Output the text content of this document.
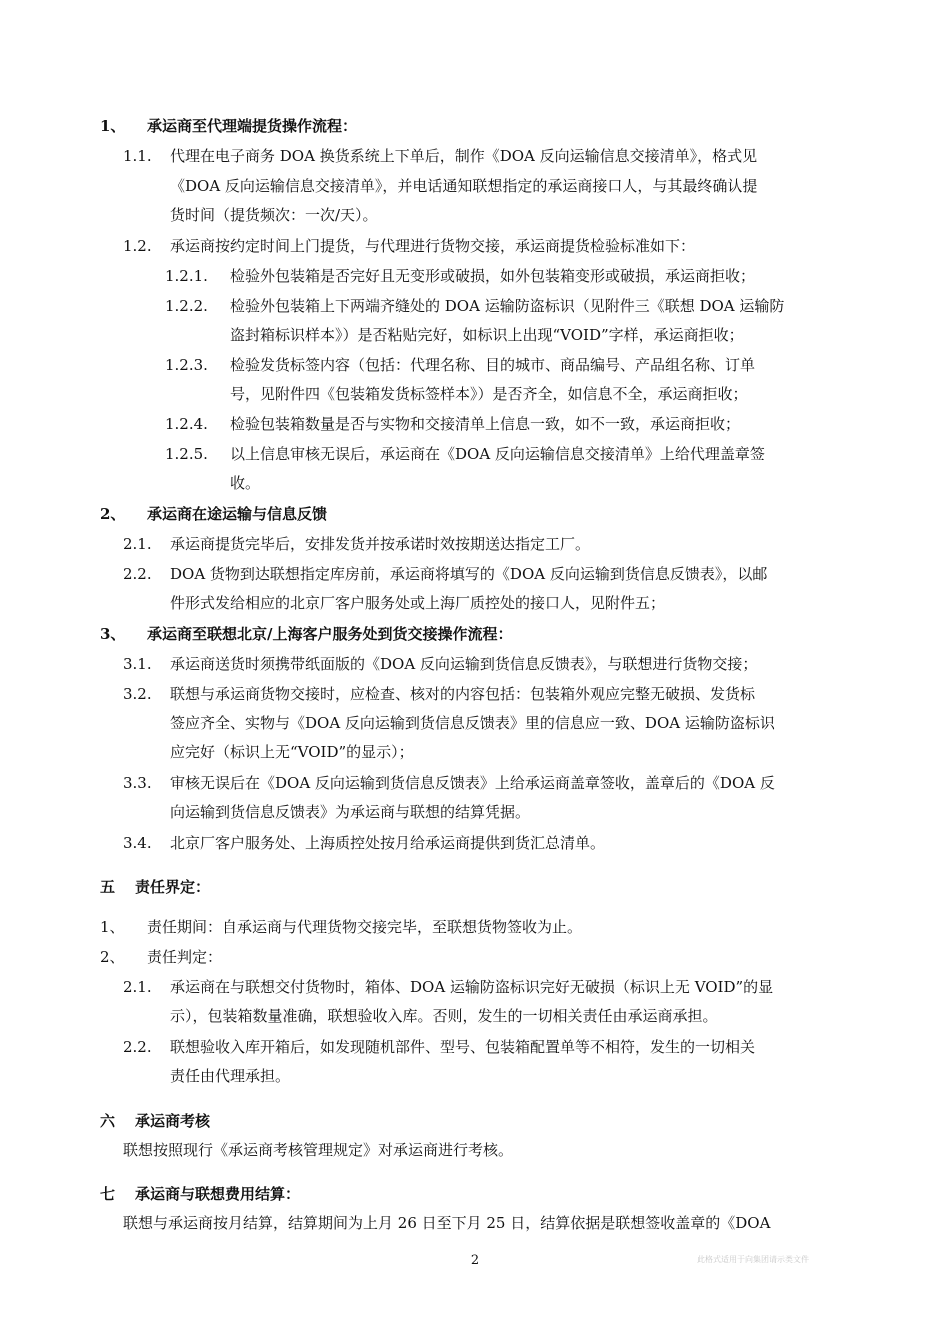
1、 承运商至代理端提货操作流程：
1.1. 代理在电子商务 DOA 换货系统上下单后，制作《DOA 反向运输信息交接清单》，格式见
《DOA 反向运输信息交接清单》，并电话通知联想指定的承运商接口人，与其最终确认提
货时间（提货频次：一次/天）。
1.2. 承运商按约定时间上门提货，与代理进行货物交接，承运商提货检验标准如下：
1.2.1. 检验外包装箱是否完好且无变形或破损，如外包装箱变形或破损，承运商拒收；
1.2.2. 检验外包装箱上下两端齐缝处的 DOA 运输防盗标识（见附件三《联想 DOA 运输防
盗封箱标识样本》）是否粘贴完好，如标识上出现“VOID”字样，承运商拒收；
1.2.3. 检验发货标签内容（包括：代理名称、目的城市、商品编号、产品组名称、订单
号，见附件四《包装箱发货标签样本》）是否齐全，如信息不全，承运商拒收；
1.2.4. 检验包装箱数量是否与实物和交接清单上信息一致，如不一致，承运商拒收；
1.2.5. 以上信息审核无误后，承运商在《DOA 反向运输信息交接清单》上给代理盖章签
收。
2、 承运商在途运输与信息反馈
2.1. 承运商提货完毕后，安排发货并按承诺时效按期送达指定工厂。
2.2. DOA 货物到达联想指定库房前，承运商将填写的《DOA 反向运输到货信息反馈表》，以邮
件形式发给相应的北京厂客户服务处或上海厂质控处的接口人，见附件五；
3、 承运商至联想北京/上海客户服务处到货交接操作流程：
3.1. 承运商送货时须携带纸面版的《DOA 反向运输到货信息反馈表》，与联想进行货物交接；
3.2. 联想与承运商货物交接时，应检查、核对的内容包括：包装箱外观应完整无破损、发货标
签应齐全、实物与《DOA 反向运输到货信息反馈表》里的信息应一致、DOA 运输防盗标识
应完好（标识上无“VOID”的显示）；
3.3. 审核无误后在《DOA 反向运输到货信息反馈表》上给承运商盖章签收，盖章后的《DOA 反
向运输到货信息反馈表》为承运商与联想的结算凭据。
3.4. 北京厂客户服务处、上海质控处按月给承运商提供到货汇总清单。
五 责任界定：
1、 责任期间：自承运商与代理货物交接完毕，至联想货物签收为止。
2、 责任判定：
2.1. 承运商在与联想交付货物时，箱体、DOA 运输防盗标识完好无破损（标识上无 VOID”的显
示），包装箱数量准确，联想验收入库。否则，发生的一切相关责任由承运商承担。
2.2. 联想验收入库开箱后，如发现随机部件、型号、包装箱配置单等不相符，发生的一切相关
责任由代理承担。
六 承运商考核
联想按照现行《承运商考核管理规定》对承运商进行考核。
七 承运商与联想费用结算：
联想与承运商按月结算，结算期间为上月 26 日至下月 25 日，结算依据是联想签收盖章的《DOA
2	此格式适用于向集团请示类文件
